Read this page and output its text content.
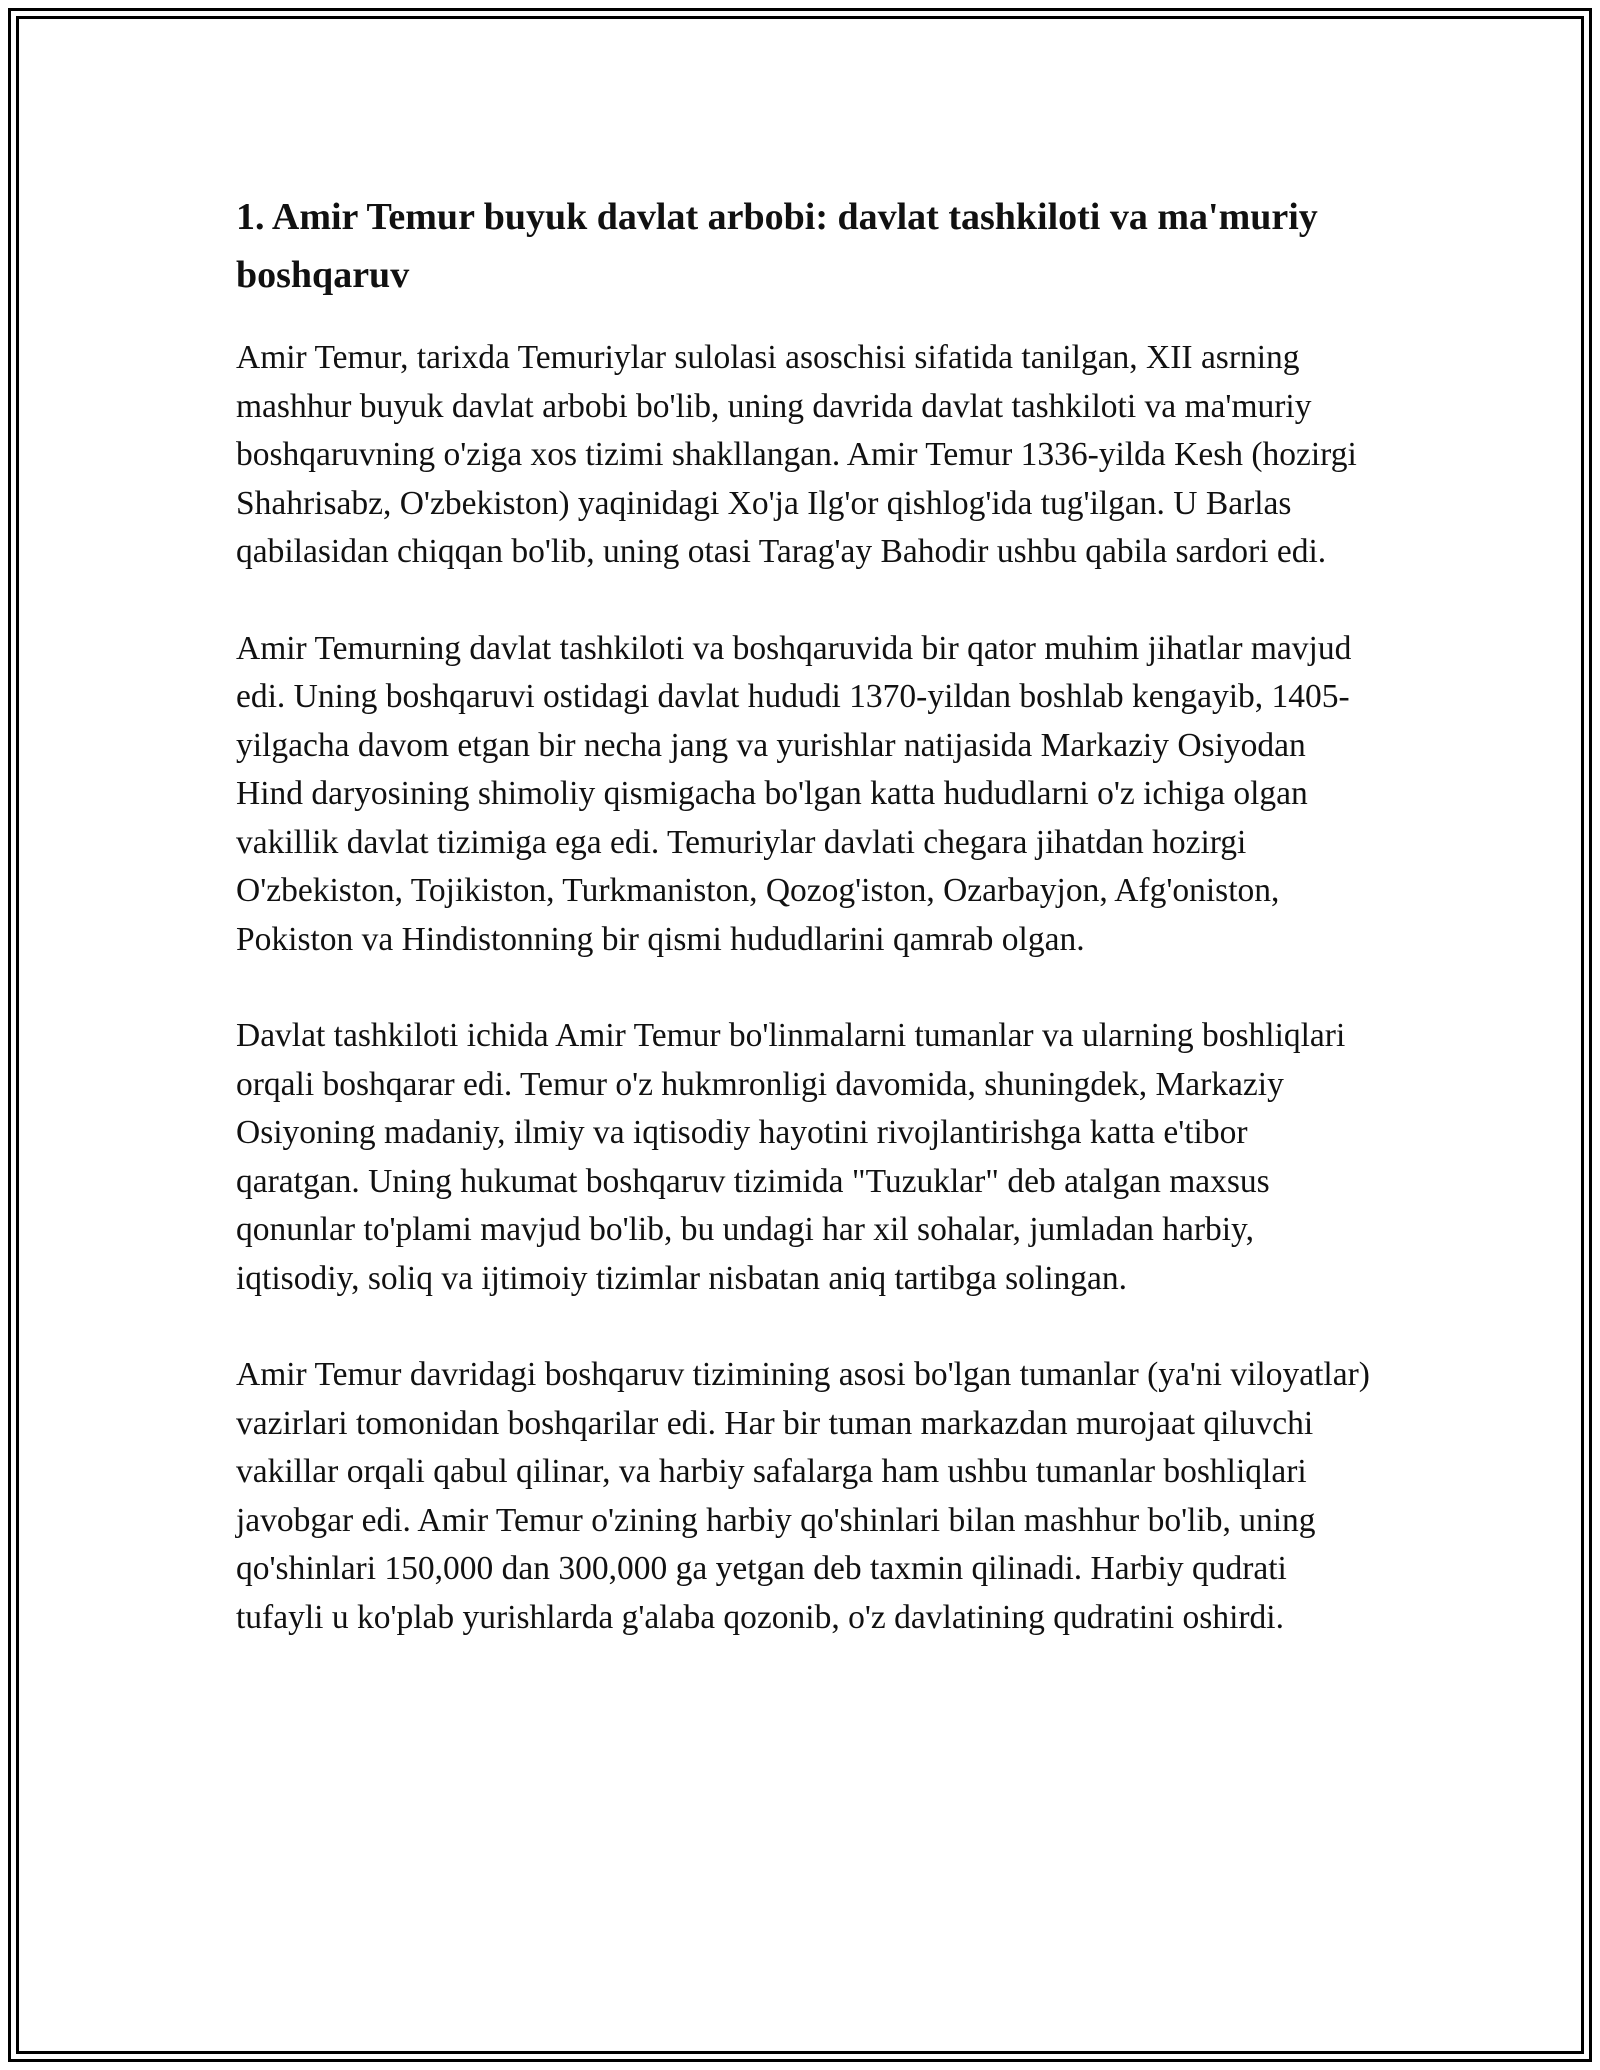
1. Amir Temur buyuk davlat arbobi: davlat tashkiloti va ma'muriy boshqaruv

Amir Temur, tarixda Temuriylar sulolasi asoschisi sifatida tanilgan, XII asrning mashhur buyuk davlat arbobi bo'lib, uning davrida davlat tashkiloti va ma'muriy boshqaruvning o'ziga xos tizimi shakllangan. Amir Temur 1336-yilda Kesh (hozirgi Shahrisabz, O'zbekiston) yaqinidagi Xo'ja Ilg'or qishlog'ida tug'ilgan. U Barlas qabilasidan chiqqan bo'lib, uning otasi Tarag'ay Bahodir ushbu qabila sardori edi.

Amir Temurning davlat tashkiloti va boshqaruvida bir qator muhim jihatlar mavjud edi. Uning boshqaruvi ostidagi davlat hududi 1370-yildan boshlab kengayib, 1405-yilgacha davom etgan bir necha jang va yurishlar natijasida Markaziy Osiyodan Hind daryosining shimoliy qismigacha bo'lgan katta hududlarni o'z ichiga olgan vakillik davlat tizimiga ega edi. Temuriylar davlati chegara jihatdan hozirgi O'zbekiston, Tojikiston, Turkmaniston, Qozog'iston, Ozarbayjon, Afg'oniston, Pokiston va Hindistonning bir qismi hududlarini qamrab olgan.

Davlat tashkiloti ichida Amir Temur bo'linmalarni tumanlar va ularning boshliqlari orqali boshqarar edi. Temur o'z hukmronligi davomida, shuningdek, Markaziy Osiyoning madaniy, ilmiy va iqtisodiy hayotini rivojlantirishga katta e'tibor qaratgan. Uning hukumat boshqaruv tizimida "Tuzuklar" deb atalgan maxsus qonunlar to'plami mavjud bo'lib, bu undagi har xil sohalar, jumladan harbiy, iqtisodiy, soliq va ijtimoiy tizimlar nisbatan aniq tartibga solingan.

Amir Temur davridagi boshqaruv tizimining asosi bo'lgan tumanlar (ya'ni viloyatlar) vazirlari tomonidan boshqarilar edi. Har bir tuman markazdan murojaat qiluvchi vakillar orqali qabul qilinar, va harbiy safalarga ham ushbu tumanlar boshliqlari javobgar edi. Amir Temur o'zining harbiy qo'shinlari bilan mashhur bo'lib, uning qo'shinlari 150,000 dan 300,000 ga yetgan deb taxmin qilinadi. Harbiy qudrati tufayli u ko'plab yurishlarda g'alaba qozonib, o'z davlatining qudratini oshirdi.
